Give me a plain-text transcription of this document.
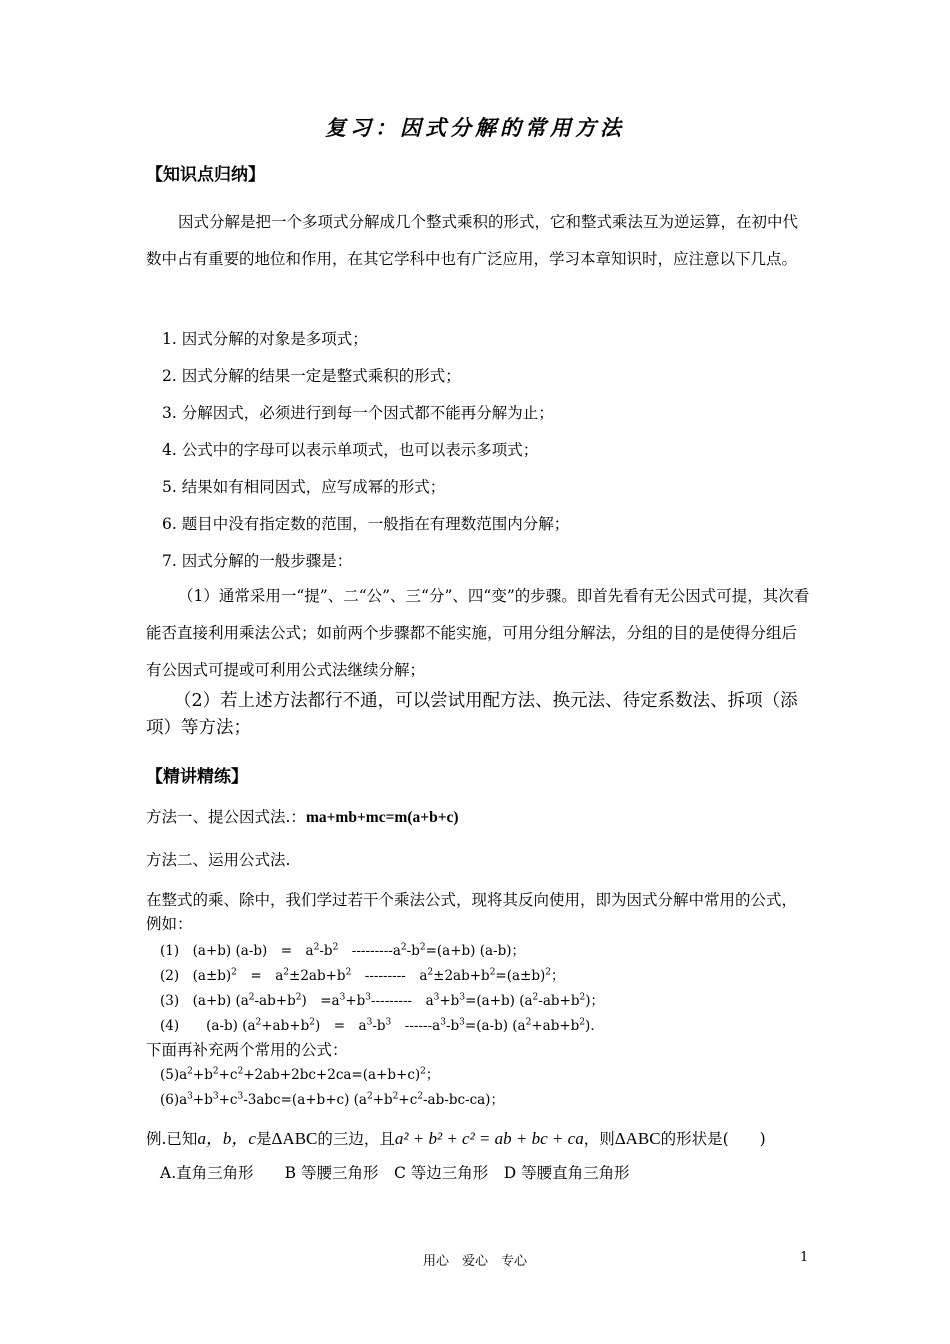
复习：因式分解的常用方法
【知识点归纳】
因式分解是把一个多项式分解成几个整式乘积的形式，它和整式乘法互为逆运算，在初中代数中占有重要的地位和作用，在其它学科中也有广泛应用，学习本章知识时，应注意以下几点。
1. 因式分解的对象是多项式；
2. 因式分解的结果一定是整式乘积的形式；
3. 分解因式，必须进行到每一个因式都不能再分解为止；
4. 公式中的字母可以表示单项式，也可以表示多项式；
5. 结果如有相同因式，应写成幂的形式；
6. 题目中没有指定数的范围，一般指在有理数范围内分解；
7. 因式分解的一般步骤是：
（1）通常采用一“提”、二“公”、三“分”、四“变”的步骤。即首先看有无公因式可提，其次看能否直接利用乘法公式；如前两个步骤都不能实施，可用分组分解法，分组的目的是使得分组后有公因式可提或可利用公式法继续分解；
（2）若上述方法都行不通，可以尝试用配方法、换元法、待定系数法、拆项（添项）等方法；
【精讲精练】
方法一、提公因式法.：ma+mb+mc=m(a+b+c)
方法二、运用公式法.
在整式的乘、除中，我们学过若干个乘法公式，现将其反向使用，即为因式分解中常用的公式，例如：
(1)　(a+b) (a-b)　=　$a^2-b^2$　$---------a^2-b^2=(a+b)$ (a-b)；
(2)　$(a\pm b)^2$　=　$a^2\pm 2ab+b^2$　---------　$a^2\pm 2ab+b^2=(a\pm b)^2$；
(3)　(a+b) $(a^2-ab+b^2)$　$=a^3+b^3---------$　$a^3+b^3=(a+b)$ $(a^2-ab+b^2)$；
(4)　　(a-b) $(a^2+ab+b^2)$　=　$a^3-b^3$　$------a^3-b^3=(a-b)$ $(a^2+ab+b^2)$．
下面再补充两个常用的公式：
$(5)a^2+b^2+c^2+2ab+2bc+2ca=(a+b+c)^2$；
$(6)a^3+b^3+c^3-3abc=(a+b+c)$ $(a^2+b^2+c^2-ab-bc-ca)$；
例.已知a，b，c是ΔABC的三边，且a² + b² + c² = ab + bc + ca，则ΔABC的形状是(　　)
A.直角三角形　　B 等腰三角形　C 等边三角形　D 等腰直角三角形
用心　爱心　专心	1
